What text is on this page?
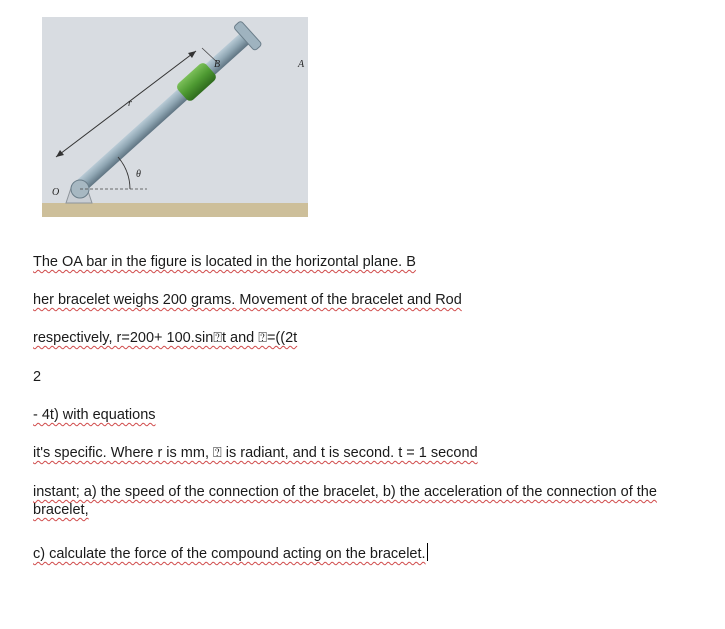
r
B	A
θ
O
The OA bar in the figure is located in the horizontal plane. B
her bracelet weighs 200 grams. Movement of the bracelet and Rod
respectively, r=200+ 100.sin⍰t and ⍰=((2t
2
- 4t) with equations
it's specific. Where r is mm, ⍰ is radiant, and t is second. t = 1 second
instant; a) the speed of the connection of the bracelet, b) the acceleration of the connection of the bracelet,
c) calculate the force of the compound acting on the bracelet.
